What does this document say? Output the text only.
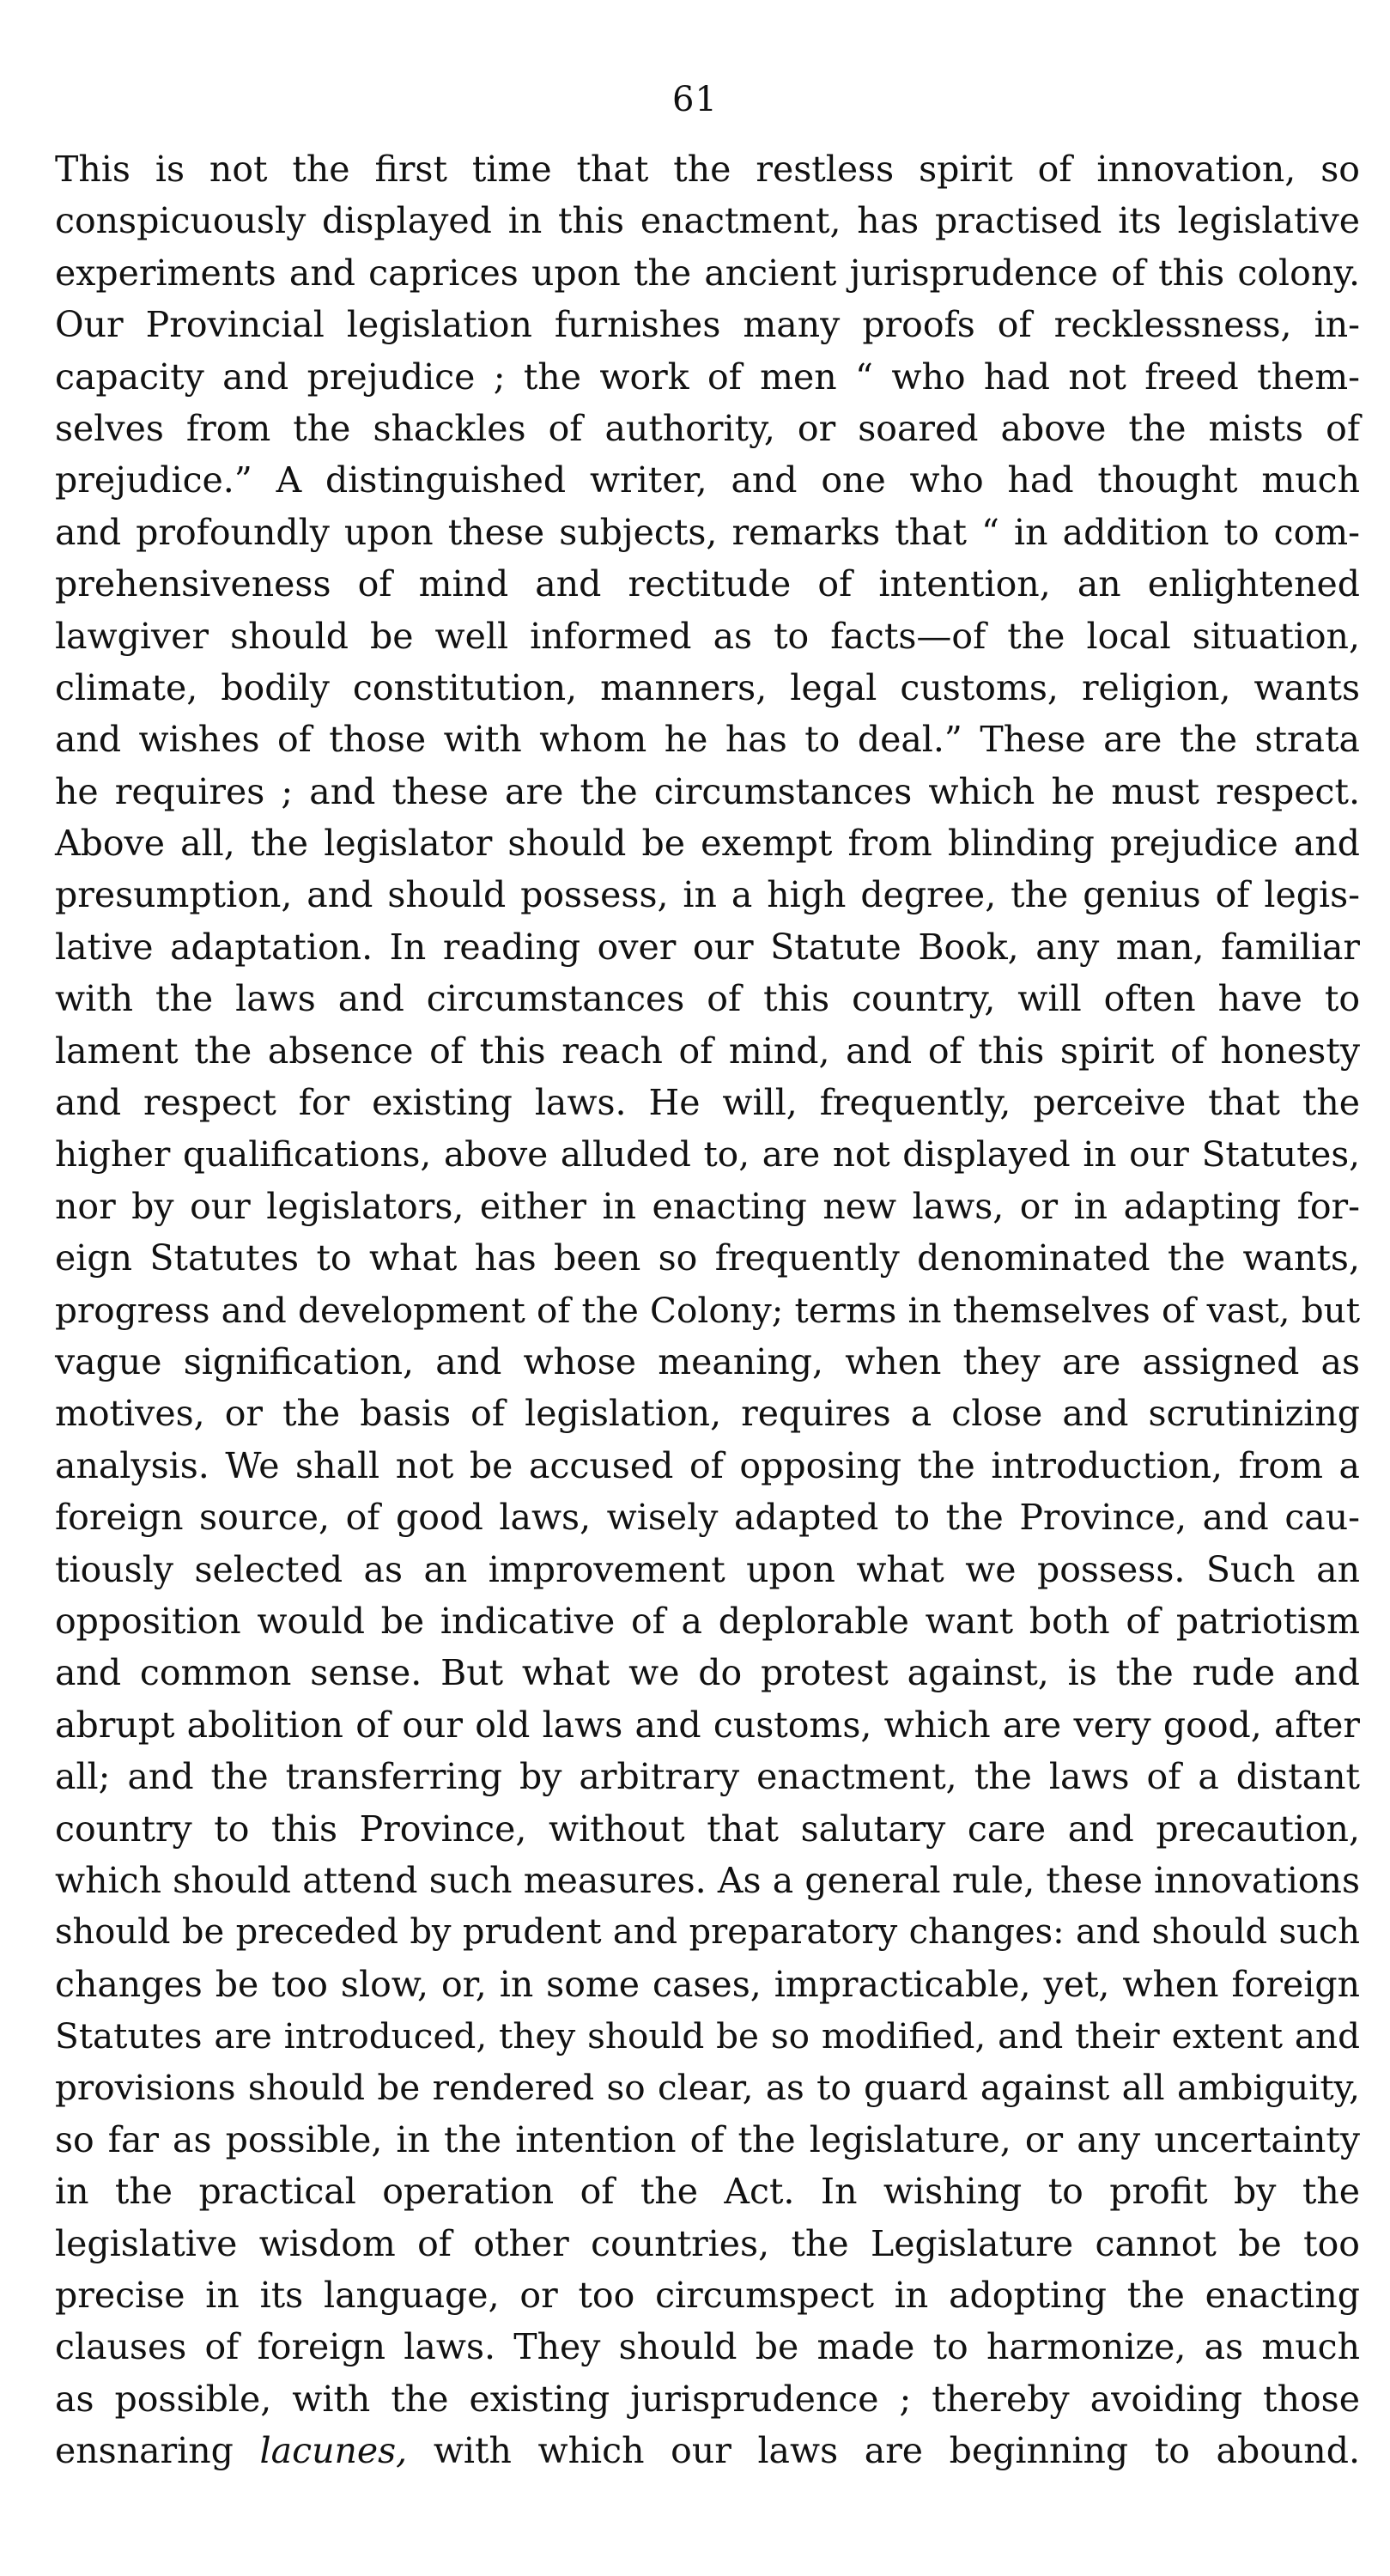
61
This is not the first time that the restless spirit of innovation, so
conspicuously displayed in this enactment, has practised its legislative
experiments and caprices upon the ancient jurisprudence of this colony.
Our Provincial legislation furnishes many proofs of recklessness, in-
capacity and prejudice ; the work of men “ who had not freed them-
selves from the shackles of authority, or soared above the mists of
prejudice.” A distinguished writer, and one who had thought much
and profoundly upon these subjects, remarks that “ in addition to com-
prehensiveness of mind and rectitude of intention, an enlightened
lawgiver should be well informed as to facts—of the local situation,
climate, bodily constitution, manners, legal customs, religion, wants
and wishes of those with whom he has to deal.” These are the strata
he requires ; and these are the circumstances which he must respect.
Above all, the legislator should be exempt from blinding prejudice and
presumption, and should possess, in a high degree, the genius of legis-
lative adaptation. In reading over our Statute Book, any man, familiar
with the laws and circumstances of this country, will often have to
lament the absence of this reach of mind, and of this spirit of honesty
and respect for existing laws. He will, frequently, perceive that the
higher qualifications, above alluded to, are not displayed in our Statutes,
nor by our legislators, either in enacting new laws, or in adapting for-
eign Statutes to what has been so frequently denominated the wants,
progress and development of the Colony; terms in themselves of vast, but
vague signification, and whose meaning, when they are assigned as
motives, or the basis of legislation, requires a close and scrutinizing
analysis. We shall not be accused of opposing the introduction, from a
foreign source, of good laws, wisely adapted to the Province, and cau-
tiously selected as an improvement upon what we possess. Such an
opposition would be indicative of a deplorable want both of patriotism
and common sense. But what we do protest against, is the rude and
abrupt abolition of our old laws and customs, which are very good, after
all; and the transferring by arbitrary enactment, the laws of a distant
country to this Province, without that salutary care and precaution,
which should attend such measures. As a general rule, these innovations
should be preceded by prudent and preparatory changes: and should such
changes be too slow, or, in some cases, impracticable, yet, when foreign
Statutes are introduced, they should be so modified, and their extent and
provisions should be rendered so clear, as to guard against all ambiguity,
so far as possible, in the intention of the legislature, or any uncertainty
in the practical operation of the Act. In wishing to profit by the
legislative wisdom of other countries, the Legislature cannot be too
precise in its language, or too circumspect in adopting the enacting
clauses of foreign laws. They should be made to harmonize, as much
as possible, with the existing jurisprudence ; thereby avoiding those
ensnaring lacunes, with which our laws are beginning to abound.
